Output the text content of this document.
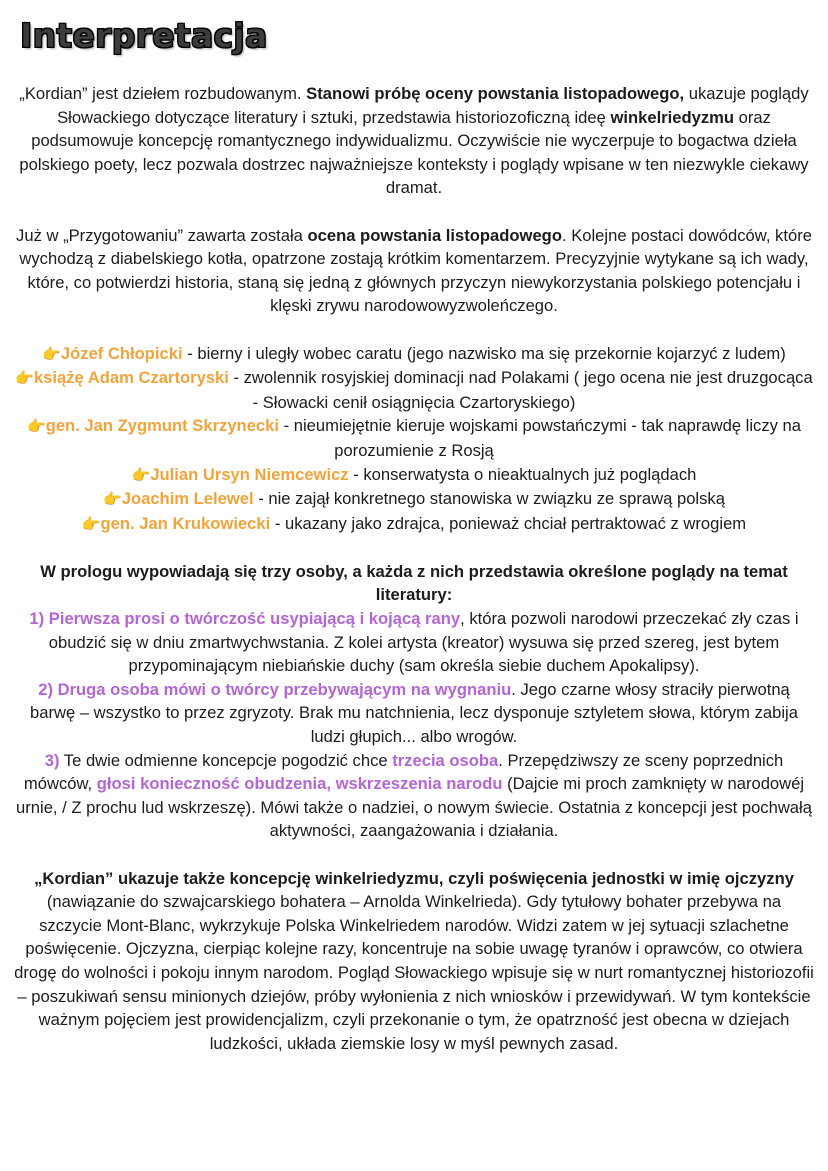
Interpretacja

„Kordian” jest dziełem rozbudowanym. Stanowi próbę oceny powstania listopadowego, ukazuje poglądy Słowackiego dotyczące literatury i sztuki, przedstawia historiozoficzną ideę winkelriedyzmu oraz podsumowuje koncepcję romantycznego indywidualizmu. Oczywiście nie wyczerpuje to bogactwa dzieła polskiego poety, lecz pozwala dostrzec najważniejsze konteksty i poglądy wpisane w ten niezwykle ciekawy dramat.

Już w „Przygotowaniu” zawarta została ocena powstania listopadowego. Kolejne postaci dowódców, które wychodzą z diabelskiego kotła, opatrzone zostają krótkim komentarzem. Precyzyjnie wytykane są ich wady, które, co potwierdzi historia, staną się jedną z głównych przyczyn niewykorzystania polskiego potencjału i klęski zrywu narodowowyzwoleńczego.

👉Józef Chłopicki - bierny i uległy wobec caratu (jego nazwisko ma się przekornie kojarzyć z ludem)

👉książę Adam Czartoryski - zwolennik rosyjskiej dominacji nad Polakami ( jego ocena nie jest druzgocąca - Słowacki cenił osiągnięcia Czartoryskiego)

👉gen. Jan Zygmunt Skrzynecki - nieumiejętnie kieruje wojskami powstańczymi - tak naprawdę liczy na porozumienie z Rosją

👉Julian Ursyn Niemcewicz - konserwatysta o nieaktualnych już poglądach

👉Joachim Lelewel - nie zajął konkretnego stanowiska w związku ze sprawą polską

👉gen. Jan Krukowiecki - ukazany jako zdrajca, ponieważ chciał pertraktować z wrogiem

W prologu wypowiadają się trzy osoby, a każda z nich przedstawia określone poglądy na temat literatury:

1) Pierwsza prosi o twórczość usypiającą i kojącą rany, która pozwoli narodowi przeczekać zły czas i obudzić się w dniu zmartwychwstania. Z kolei artysta (kreator) wysuwa się przed szereg, jest bytem przypominającym niebiańskie duchy (sam określa siebie duchem Apokalipsy).

2) Druga osoba mówi o twórcy przebywającym na wygnaniu. Jego czarne włosy straciły pierwotną barwę – wszystko to przez zgryzoty. Brak mu natchnienia, lecz dysponuje sztyletem słowa, którym zabija ludzi głupich... albo wrogów.

3) Te dwie odmienne koncepcje pogodzić chce trzecia osoba. Przepędziwszy ze sceny poprzednich mówców, głosi konieczność obudzenia, wskrzeszenia narodu (Dajcie mi proch zamknięty w narodowéj urnie, / Z prochu lud wskrzeszę). Mówi także o nadziei, o nowym świecie. Ostatnia z koncepcji jest pochwałą aktywności, zaangażowania i działania.

„Kordian” ukazuje także koncepcję winkelriedyzmu, czyli poświęcenia jednostki w imię ojczyzny (nawiązanie do szwajcarskiego bohatera – Arnolda Winkelrieda). Gdy tytułowy bohater przebywa na szczycie Mont-Blanc, wykrzykuje Polska Winkelriedem narodów. Widzi zatem w jej sytuacji szlachetne poświęcenie. Ojczyzna, cierpiąc kolejne razy, koncentruje na sobie uwagę tyranów i oprawców, co otwiera drogę do wolności i pokoju innym narodom. Pogląd Słowackiego wpisuje się w nurt romantycznej historiozofii – poszukiwań sensu minionych dziejów, próby wyłonienia z nich wniosków i przewidywań. W tym kontekście ważnym pojęciem jest prowidencjalizm, czyli przekonanie o tym, że opatrzność jest obecna w dziejach ludzkości, układa ziemskie losy w myśl pewnych zasad.
